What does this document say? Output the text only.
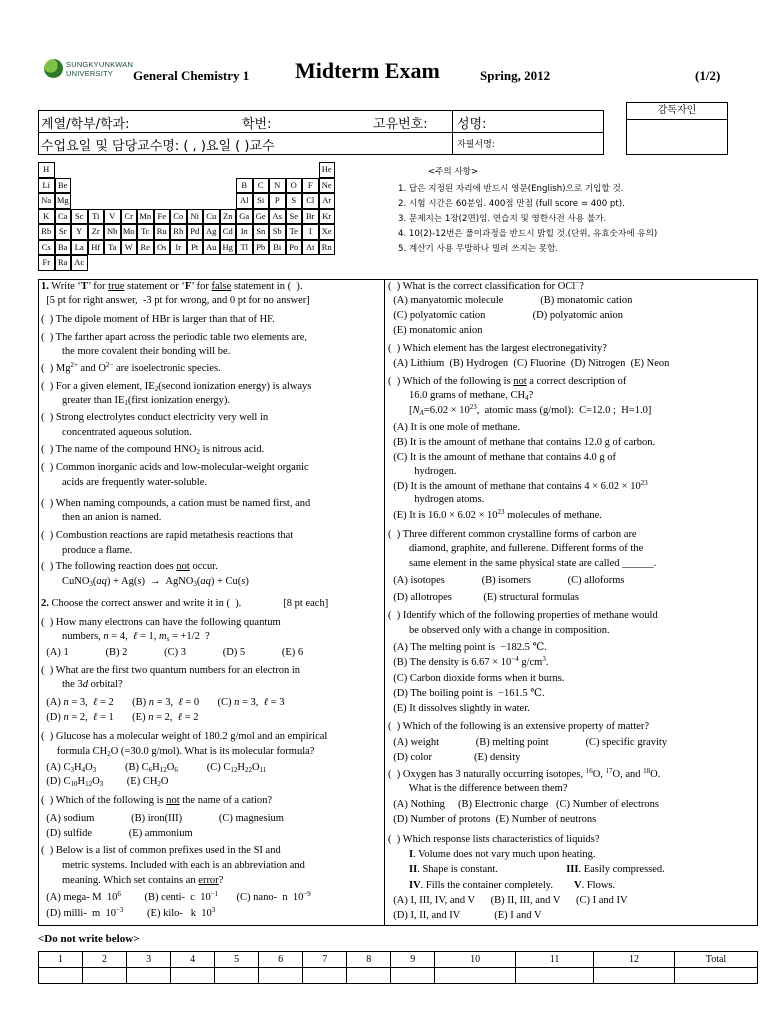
SUNGKYUNKWAN
UNIVERSITY General Chemistry 1 Midterm Exam	Spring, 2012	(1/2)
계열/학부/학과:	학번:	고유번호: 성명:
수업요일 및 담당교수명: ( , )요일 ( )교수	자필서명:
감독자인
H	He
Li Be	B	C	N	O	F	Ne
Na Mg	Al	Si	P	S	Cl Ar
K	Ca Sc	Ti	V	Cr Mn Fe Co Ni Cu Zn Ga Ge As Se Br Kr
Rb Sr	Y	Zr Nb Mo Tc Ru Rh Pd Ag Cd In Sn Sb Te	I	Xe
Cs Ba La Hf Ta W Re Os	Ir	Pt Au Hg Tl Pb Bi Po At Rn
Fr Ra Ac
<주의 사항>
1. 답은 지정된 자리에 반드시 영문(English)으로 기입할 것.
2. 시험 시간은 60분임. 400점 만점 (full score = 400 pt).
3. 문제지는 1장(2면)임. 연습지 및 영한사전 사용 불가.
4. 10(2)-12번은 풀이과정을 반드시 밝힐 것.(단위, 유효숫자에 유의)
5. 계산기 사용 무방하나 빌려 쓰지는 못함.
1. Write ‘T’ for true statement or ‘F’ for false statement in (  ).
[5 pt for right answer,  -3 pt for wrong, and 0 pt for no answer]
(  ) The dipole moment of HBr is larger than that of HF.
(  ) The farther apart across the periodic table two elements are,
the more covalent their bonding will be.
(  ) $Mg^{2+}$ and $O^{2-}$ are isoelectronic species.
(  ) For a given element, $IE_2(second$ ionization energy) is always
greater than $IE_1(first$ ionization energy).
(  ) Strong electrolytes conduct electricity very well in
concentrated aqueous solution.
(  ) The name of the compound $HNO_2$ is nitrous acid.
(  ) Common inorganic acids and low-molecular-weight organic
acids are frequently water-soluble.
(  ) When naming compounds, a cation must be named first, and
then an anion is named.
(  ) Combustion reactions are rapid metathesis reactions that
produce a flame.
(  ) The following reaction does not occur.
CuNO$_3$(aq) + Ag(s)  →  AgNO$_3$(aq) + Cu(s)
2. Choose the correct answer and write it in (  ).                [8 pt each]
(  ) How many electrons can have the following quantum
numbers, n = 4,  ℓ = 1, $m_s = +1/2$  ?
(A) 1              (B) 2              (C) 3              (D) 5              (E) 6
(  ) What are the first two quantum numbers for an electron in
the 3d orbital?
(A) n = 3,  ℓ = 2       (B) n = 3,  ℓ = 0       (C) n = 3,  ℓ = 3
(D) n = 2,  ℓ = 1       (E) n = 2,  ℓ = 2
(  ) Glucose has a molecular weight of 180.2 g/mol and an empirical
formula $CH_2O$ (=30.0 g/mol). What is its molecular formula?
(A) $C_3H_4O_3$           (B) $C_6H_{12}O_6$           (C) $C_{12}H_{22}O_{11}$
(D) $C_{10}H_{12}O_3$         (E) $CH_2O$
(  ) Which of the following is not the name of a cation?
(A) sodium              (B) iron(III)              (C) magnesium
(D) sulfide              (E) ammonium
(  ) Below is a list of common prefixes used in the SI and
metric systems. Included with each is an abbreviation and
meaning. Which set contains an error?
(A) mega- M  $10^6$         (B) centi-  c  $10^{-1}$       (C) nano-  n  $10^{-9}$
(D) milli-  m  $10^{-3}$         (E) kilo-   k  $10^3$
(  ) What is the correct classification for OCl−?
(A) manyatomic molecule              (B) monatomic cation
(C) polyatomic cation                  (D) polyatomic anion
(E) monatomic anion
(  ) Which element has the largest electronegativity?
(A) Lithium  (B) Hydrogen  (C) Fluorine  (D) Nitrogen  (E) Neon
(  ) Which of the following is not a correct description of
16.0 grams of methane, $CH_4$?
[$N_A=6.02 \times 10^{23}$,  atomic mass (g/mol):  C=12.0 ;  H=1.0]
(A) It is one mole of methane.
(B) It is the amount of methane that contains 12.0 g of carbon.
(C) It is the amount of methane that contains 4.0 g of
hydrogen.
(D) It is the amount of methane that contains $4 \times 6.02 \times 10^{23}$
hydrogen atoms.
(E) It is $16.0 \times 6.02 \times 10^{23}$ molecules of methane.
(  ) Three different common crystalline forms of carbon are
diamond, graphite, and fullerene. Different forms of the
same element in the same physical state are called ______.
(A) isotopes              (B) isomers              (C) alloforms
(D) allotropes            (E) structural formulas
(  ) Identify which of the following properties of methane would
be observed only with a change in composition.
(A) The melting point is  −182.5 ℃.
(B) The density is $6.67 \times 10^{-4}$ $g/cm^3$.
(C) Carbon dioxide forms when it burns.
(D) The boiling point is  −161.5 ℃.
(E) It dissolves slightly in water.
(  ) Which of the following is an extensive property of matter?
(A) weight              (B) melting point              (C) specific gravity
(D) color                (E) density
(  ) Oxygen has 3 naturally occurring isotopes, $^{16}$O, $^{17}$O, and $^{18}$O.
What is the difference between them?
(A) Nothing     (B) Electronic charge   (C) Number of electrons
(D) Number of protons  (E) Number of neutrons
(  ) Which response lists characteristics of liquids?
I. Volume does not vary much upon heating.
II. Shape is constant.                          III. Easily compressed.
IV. Fills the container completely.        V. Flows.
(A) I, III, IV, and V      (B) II, III, and V      (C) I and IV
(D) I, II, and IV             (E) I and V
<Do not write below>
1	2	3	4	5	6	7	8	9	10	11	12	Total
